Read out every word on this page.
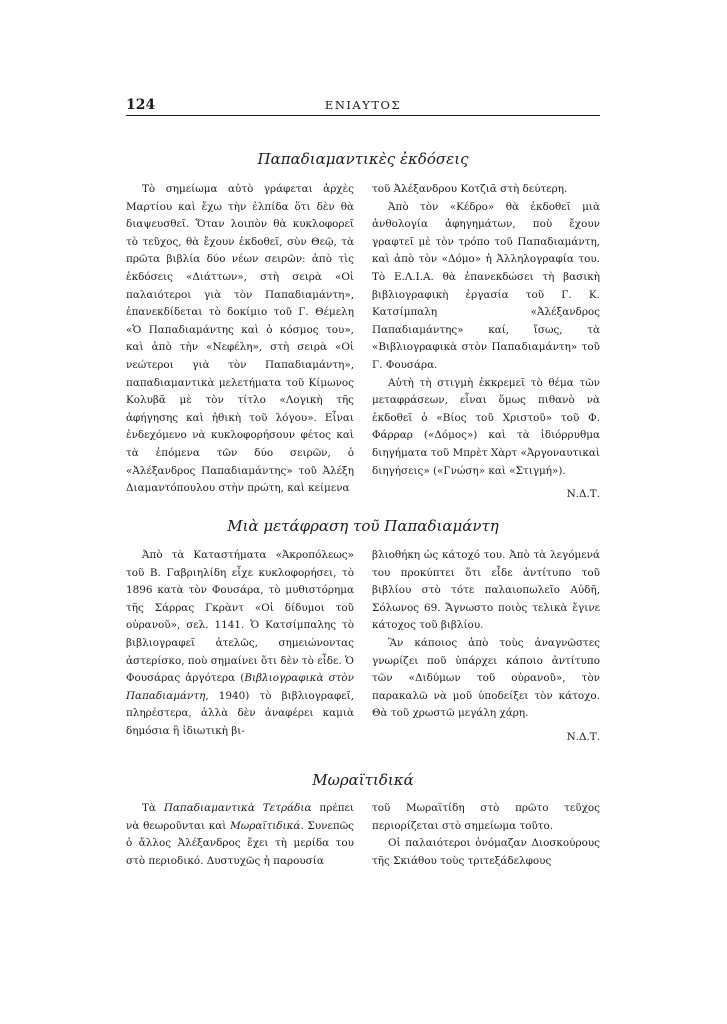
124	ΕΝΙΑΥΤΟΣ
Παπαδιαμαντικὲς ἐκδόσεις

Τὸ σημείωμα αὐτὸ γράφεται ἀρχὲς Μαρτίου καὶ ἔχω τὴν ἐλπίδα ὅτι δὲν θὰ διαψευσθεῖ. Ὅταν λοιπὸν θὰ κυκλοφορεῖ τὸ τεῦχος, θὰ ἔχουν ἐκδοθεῖ, σὺν Θεῷ, τὰ πρῶτα βιβλία δύο νέων σειρῶν: ἀπὸ τὶς ἐκδόσεις «Διάττων», στὴ σειρὰ «Οἱ παλαιότεροι γιὰ τὸν Παπαδιαμάντη», ἐπανεκδίδεται τὸ δοκίμιο τοῦ Γ. Θέμελη «Ὁ Παπαδιαμάντης καὶ ὁ κόσμος του», καὶ ἀπὸ τὴν «Νεφέλη», στὴ σειρὰ «Οἱ νεώτεροι γιὰ τὸν Παπαδιαμάντη», παπαδιαμαντικὰ μελετήματα τοῦ Κίμωνος Κολυβᾶ μὲ τὸν τίτλο «Λογικὴ τῆς ἀφήγησης καὶ ἠθικὴ τοῦ λόγου». Εἶναι ἐνδεχόμενο νὰ κυκλοφορήσουν φέτος καὶ τὰ ἑπόμενα τῶν δύο σειρῶν, ὁ «Ἀλέξανδρος Παπαδιαμάντης» τοῦ Ἀλέξη Διαμαντόπουλου στὴν πρώτη, καὶ κείμενα

τοῦ Ἀλέξανδρου Κοτζιᾶ στὴ δεύτερη.

Ἀπὸ τὸν «Κέδρο» θὰ ἐκδοθεῖ μιὰ ἀνθολογία ἀφηγημάτων, ποὺ ἔχουν γραφτεῖ μὲ τὸν τρόπο τοῦ Παπαδιαμάντη, καὶ ἀπὸ τὸν «Δόμο» ἡ Ἀλληλογραφία του. Τὸ Ε.Λ.Ι.Α. θὰ ἐπανεκδώσει τὴ βασικὴ βιβλιογραφικὴ ἐργασία τοῦ Γ. Κ. Κατσίμπαλη «Ἀλέξανδρος Παπαδιαμάντης» καί, ἴσως, τὰ «Βιβλιογραφικὰ στὸν Παπαδιαμάντη» τοῦ Γ. Φουσάρα.

Αὐτὴ τὴ στιγμὴ ἐκκρεμεῖ τὸ θέμα τῶν μεταφράσεων, εἶναι ὅμως πιθανὸ νὰ ἐκδοθεῖ ὁ «Βίος τοῦ Χριστοῦ» τοῦ Φ. Φάρραρ («Δόμος») καὶ τὰ ἰδιόρρυθμα διηγήματα τοῦ Μπρὲτ Χὰρτ «Ἀργοναυτικαὶ διηγήσεις» («Γνώση» καὶ «Στιγμή»).

Ν.Δ.Τ.

Μιὰ μετάφραση τοῦ Παπαδιαμάντη

Ἀπὸ τὰ Καταστήματα «Ἀκροπόλεως» τοῦ Β. Γαβριηλίδη εἶχε κυκλοφορήσει, τὸ 1896 κατὰ τὸν Φουσάρα, τὸ μυθιστόρημα τῆς Σάρρας Γκρὰντ «Οἱ δίδυμοι τοῦ οὐρανοῦ», σελ. 1141. Ὁ Κατσίμπαλης τὸ βιβλιογραφεῖ ἀτελῶς, σημειώνοντας ἀστερίσκο, ποὺ σημαίνει ὅτι δὲν τὸ εἶδε. Ὁ Φουσάρας ἀργότερα (Βιβλιογραφικὰ στὸν Παπαδιαμάντη, 1940) τὸ βιβλιογραφεῖ, πληρέστερα, ἀλλὰ δὲν ἀναφέρει καμιὰ δημόσια ἢ ἰδιωτικὴ βι-

βλιοθήκη ὡς κάτοχό του. Ἀπὸ τὰ λεγόμενά του προκύπτει ὅτι εἶδε ἀντίτυπο τοῦ βιβλίου στὸ τότε παλαιοπωλεῖο Αὐδῆ, Σόλωνος 69. Ἄγνωστο ποιὸς τελικὰ ἔγινε κάτοχος τοῦ βιβλίου.

Ἂν κάποιος ἀπὸ τοὺς ἀναγνῶστες γνωρίζει ποῦ ὑπάρχει κάποιο ἀντίτυπο τῶν «Διδύμων τοῦ οὐρανοῦ», τὸν παρακαλῶ νὰ μοῦ ὑποδείξει τὸν κάτοχο. Θὰ τοῦ χρωστῶ μεγάλη χάρη.

Ν.Δ.Τ.

Μωραϊτιδικά

Τὰ Παπαδιαμαντικὰ Τετράδια πρέπει νὰ θεωροῦνται καὶ Μωραϊτιδικά. Συνεπῶς ὁ ἄλλος Ἀλέξανδρος ἔχει τὴ μερίδα του στὸ περιοδικό. Δυστυχῶς ἡ παρουσία

τοῦ Μωραϊτίδη στὸ πρῶτο τεῦχος περιορίζεται στὸ σημείωμα τοῦτο.

Οἱ παλαιότεροι ὀνόμαζαν Διοσκούρους τῆς Σκιάθου τοὺς τριτεξάδελφους
